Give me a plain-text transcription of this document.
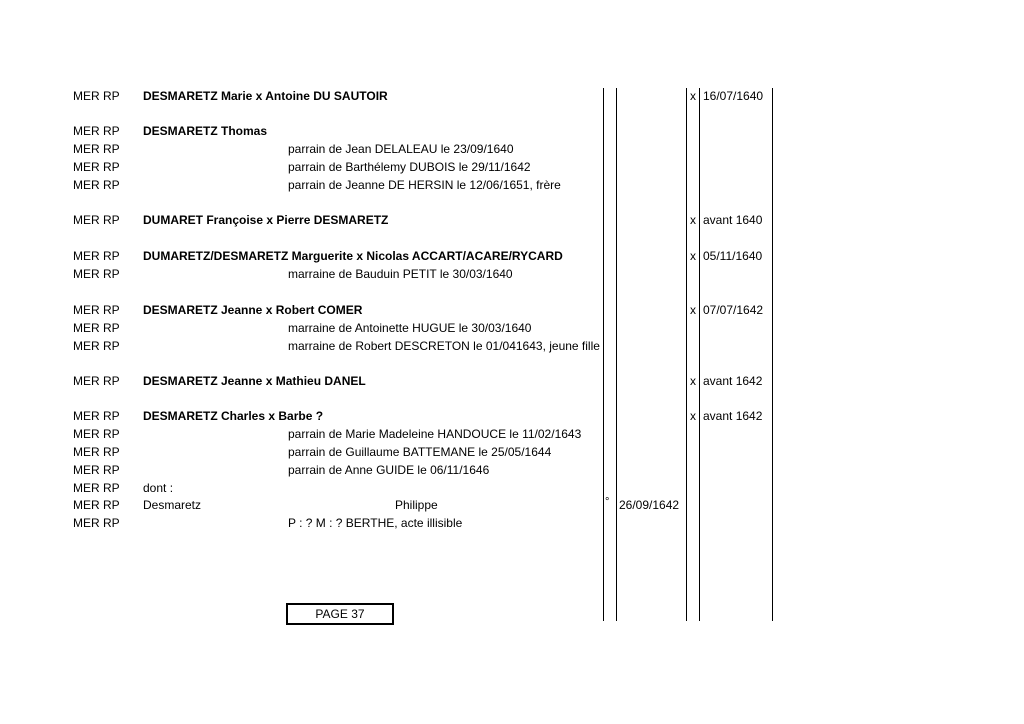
MER RP DESMARETZ Marie x Antoine DU SAUTOIR	x 16/07/1640
MER RP DESMARETZ Thomas
MER RP	parrain de Jean DELALEAU le 23/09/1640
MER RP	parrain de Barthélemy DUBOIS le 29/11/1642
MER RP	parrain de Jeanne DE HERSIN le 12/06/1651, frère
MER RP DUMARET Françoise x Pierre DESMARETZ	x avant 1640
MER RP DUMARETZ/DESMARETZ Marguerite x Nicolas ACCART/ACARE/RYCARD	x 05/11/1640
MER RP	marraine de Bauduin PETIT le 30/03/1640
MER RP DESMARETZ Jeanne x Robert COMER	x 07/07/1642
MER RP	marraine de Antoinette HUGUE le 30/03/1640
MER RP	marraine de Robert DESCRETON le 01/041643, jeune fille
MER RP DESMARETZ Jeanne x Mathieu DANEL	x avant 1642
MER RP DESMARETZ Charles x Barbe ?	x avant 1642
MER RP	parrain de Marie Madeleine HANDOUCE le 11/02/1643
MER RP	parrain de Guillaume BATTEMANE le 25/05/1644
MER RP	parrain de Anne GUIDE le 06/11/1646
MER RP dont :
MER RP Desmaretz	Philippe	° 26/09/1642
MER RP	P : ? M : ? BERTHE, acte illisible
PAGE 37
